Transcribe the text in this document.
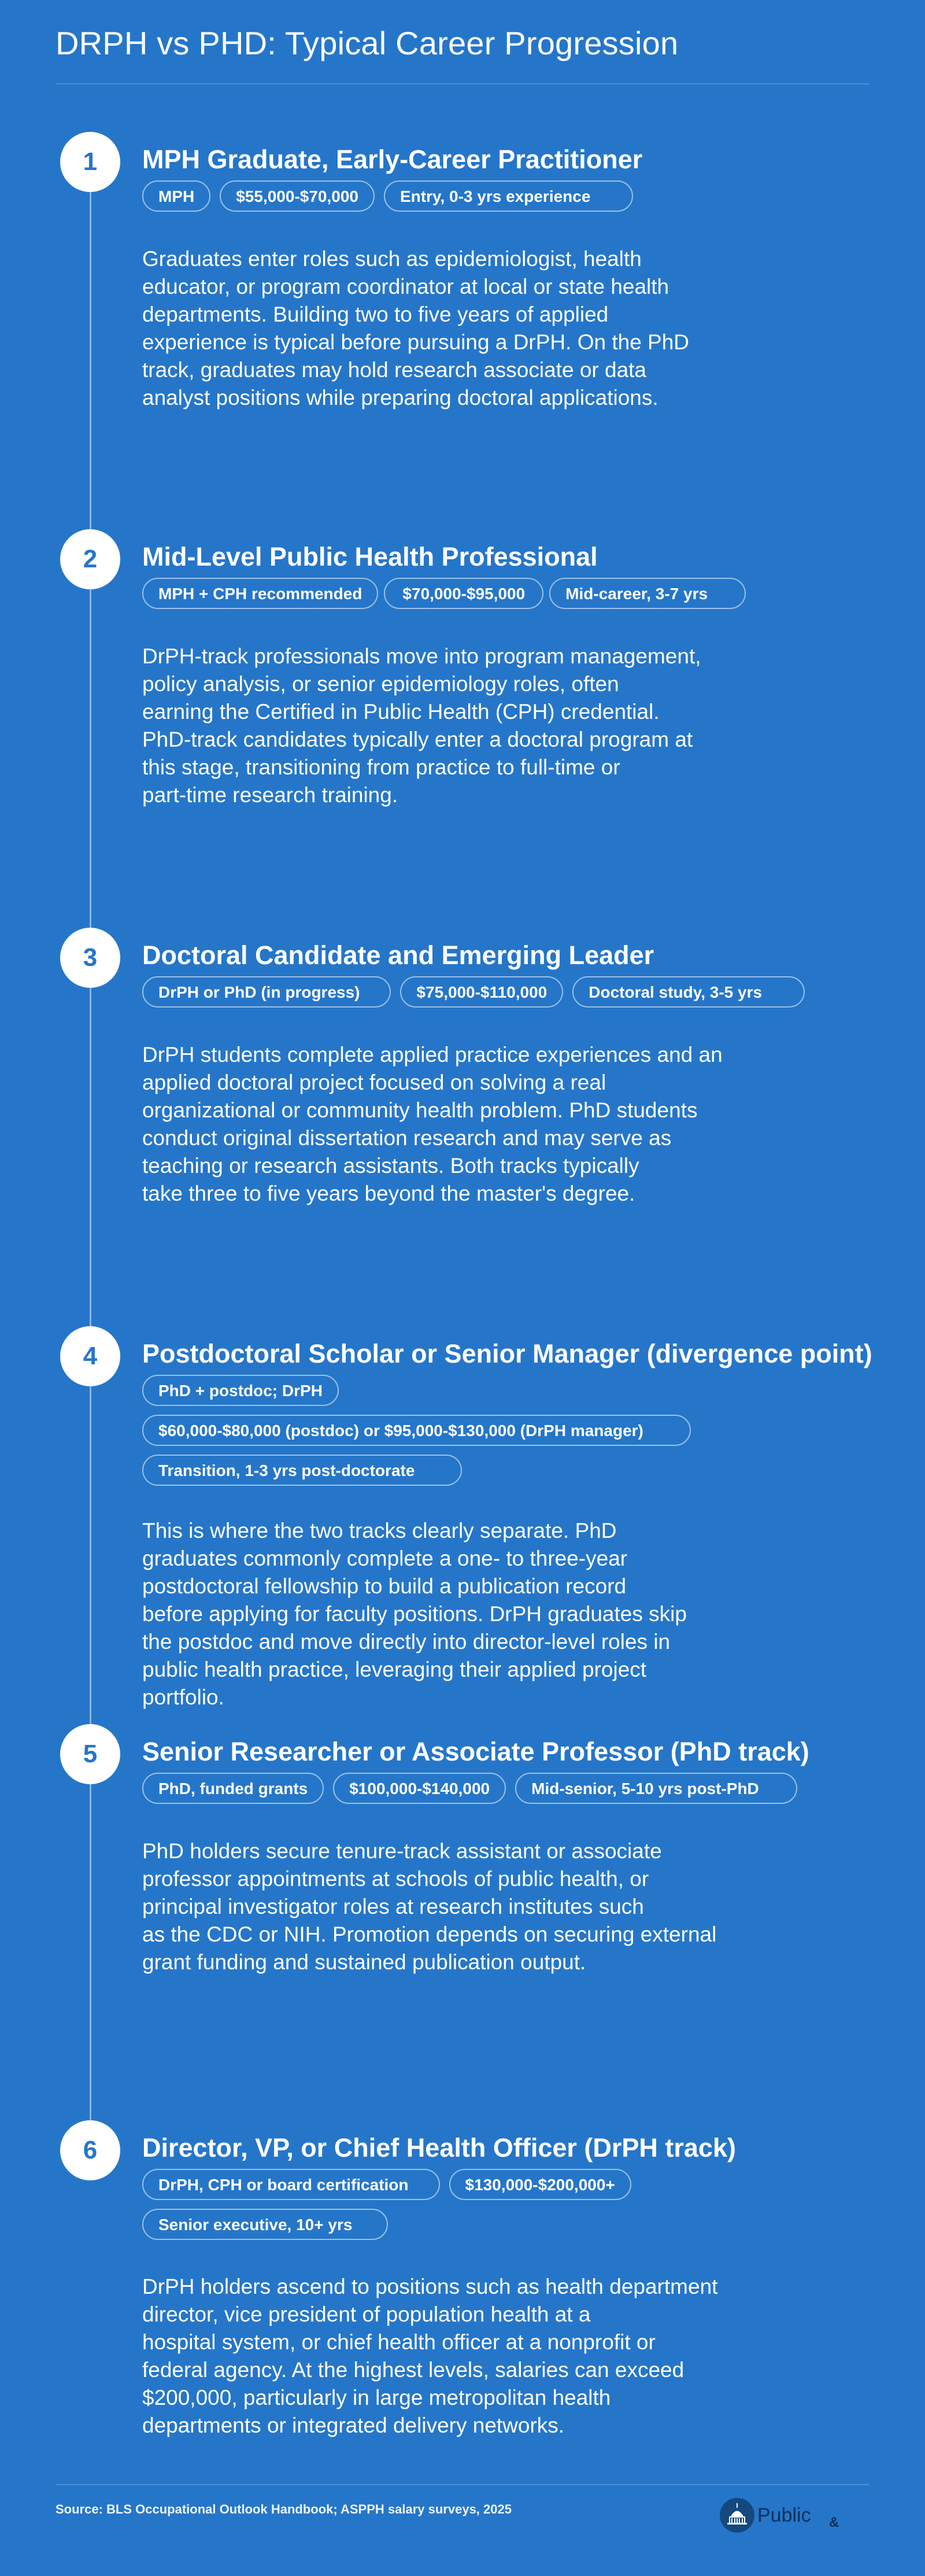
DRPH vs PHD: Typical Career Progression
1	MPH Graduate, Early-Career Practitioner
MPH	$55,000-$70,000	Entry, 0-3 yrs experience
Graduates enter roles such as epidemiologist, health
educator, or program coordinator at local or state health
departments. Building two to five years of applied
experience is typical before pursuing a DrPH. On the PhD
track, graduates may hold research associate or data
analyst positions while preparing doctoral applications.
2	Mid-Level Public Health Professional
MPH + CPH recommended	$70,000-$95,000	Mid-career, 3-7 yrs
DrPH-track professionals move into program management,
policy analysis, or senior epidemiology roles, often
earning the Certified in Public Health (CPH) credential.
PhD-track candidates typically enter a doctoral program at
this stage, transitioning from practice to full-time or
part-time research training.
3	Doctoral Candidate and Emerging Leader
DrPH or PhD (in progress)	$75,000-$110,000	Doctoral study, 3-5 yrs
DrPH students complete applied practice experiences and an
applied doctoral project focused on solving a real
organizational or community health problem. PhD students
conduct original dissertation research and may serve as
teaching or research assistants. Both tracks typically
take three to five years beyond the master's degree.
4	Postdoctoral Scholar or Senior Manager (divergence point)
PhD + postdoc; DrPH
$60,000-$80,000 (postdoc) or $95,000-$130,000 (DrPH manager)
Transition, 1-3 yrs post-doctorate
This is where the two tracks clearly separate. PhD
graduates commonly complete a one- to three-year
postdoctoral fellowship to build a publication record
before applying for faculty positions. DrPH graduates skip
the postdoc and move directly into director-level roles in
public health practice, leveraging their applied project
portfolio.
5	Senior Researcher or Associate Professor (PhD track)
PhD, funded grants	$100,000-$140,000	Mid-senior, 5-10 yrs post-PhD
PhD holders secure tenure-track assistant or associate
professor appointments at schools of public health, or
principal investigator roles at research institutes such
as the CDC or NIH. Promotion depends on securing external
grant funding and sustained publication output.
6	Director, VP, or Chief Health Officer (DrPH track)
DrPH, CPH or board certification	$130,000-$200,000+
Senior executive, 10+ yrs
DrPH holders ascend to positions such as health department
director, vice president of population health at a
hospital system, or chief health officer at a nonprofit or
federal agency. At the highest levels, salaries can exceed
$200,000, particularly in large metropolitan health
departments or integrated delivery networks.
Source: BLS Occupational Outlook Handbook; ASPPH salary surveys, 2025	Public &
